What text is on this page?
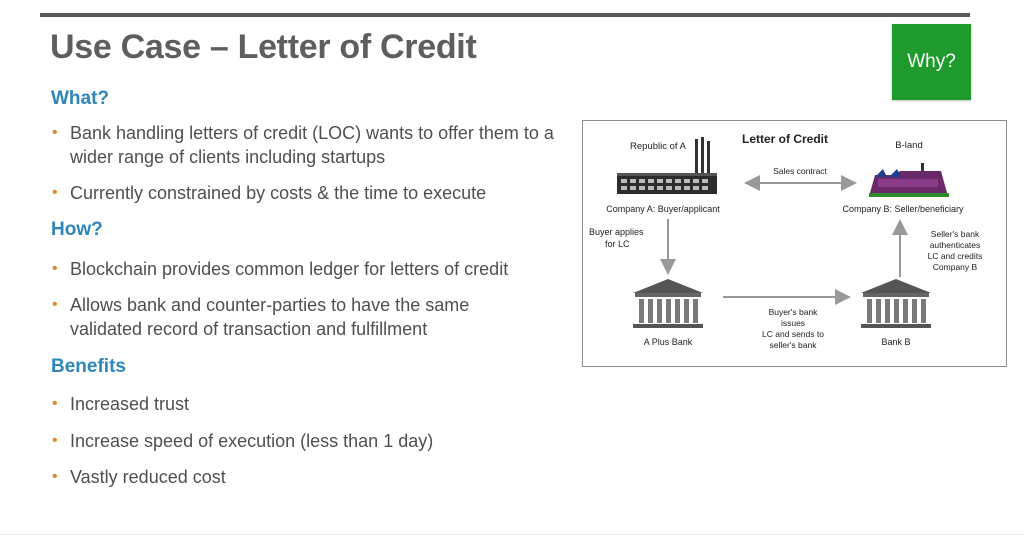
Use Case – Letter of Credit	Why?
What?
• Bank handling letters of credit (LOC) wants to offer them to a wider range of clients including startups
• Currently constrained by costs & the time to execute
How?
• Blockchain provides common ledger for letters of credit
• Allows bank and counter-parties to have the same validated record of transaction and fulfillment
Benefits
• Increased trust
• Increase speed of execution (less than 1 day)
• Vastly reduced cost
Letter of Credit
Republic of A	B-land
Sales contract
Company A: Buyer/applicant	Company B: Seller/beneficiary
Buyer applies
for LC
Seller's bank
authenticates
LC and credits
Company B
Buyer's bank
issues
LC and sends to
seller's bank
A Plus Bank	Bank B
